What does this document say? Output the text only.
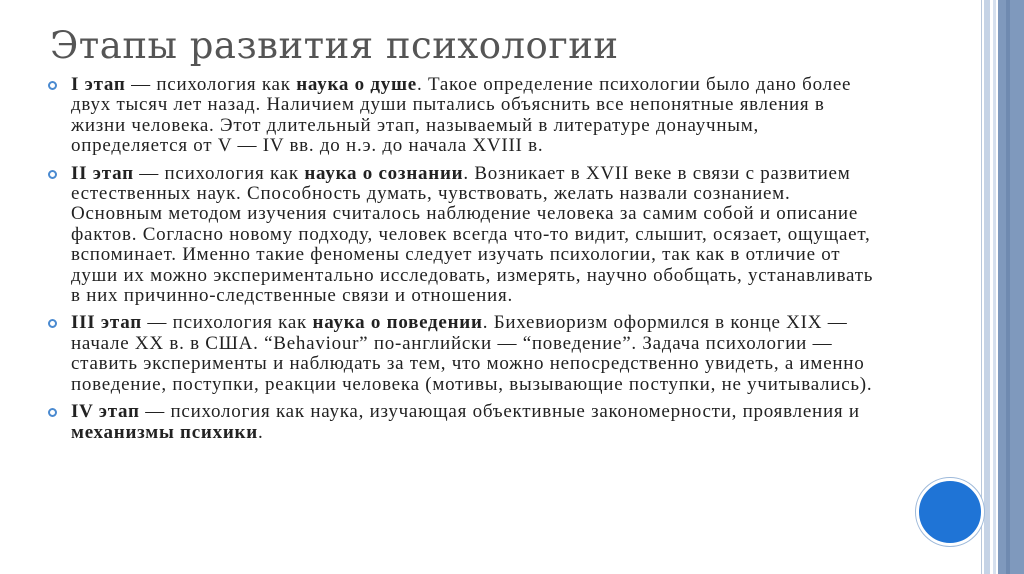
Этапы развития психологии
I этап — психология как наука о душе. Такое определение психологии было дано более двух тысяч лет назад. Наличием души пытались объяснить все непонятные явления в жизни человека. Этот длительный этап, называемый в литературе донаучным, определяется от V — IV вв. до н.э. до начала XVIII в.
II этап — психология как наука о сознании. Возникает в XVII веке в связи с развитием естественных наук. Способность думать, чувствовать, желать назвали сознанием. Основным методом изучения считалось наблюдение человека за самим собой и описание фактов. Согласно новому подходу, человек всегда что-то видит, слышит, осязает, ощущает, вспоминает. Именно такие феномены следует изучать психологии, так как в отличие от души их можно экспериментально исследовать, измерять, научно обобщать, устанавливать в них причинно-следственные связи и отношения.
III этап — психология как наука о поведении. Бихевиоризм оформился в конце XIX — начале XX в. в США. “Behaviour” по-английски — “поведение”. Задача психологии — ставить эксперименты и наблюдать за тем, что можно непосредственно увидеть, а именно поведение, поступки, реакции человека (мотивы, вызывающие поступки, не учитывались).
IV этап — психология как наука, изучающая объективные закономерности, проявления и механизмы психики.
